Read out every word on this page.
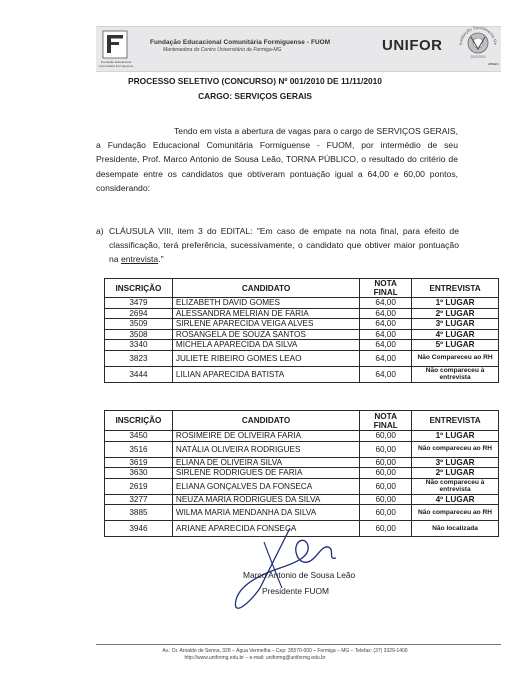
Fundação Educacional Comunitária Formiguense
Fundação Educacional Comunitária Formiguense - FUOM
Mantenedora do Centro Universitário de Formiga-MG	UNIFOR	Instituição Socialmente Re
2007/2010
ABMES
PROCESSO SELETIVO (CONCURSO) Nº 001/2010 DE 11/11/2010
CARGO: SERVIÇOS GERAIS
Tendo em vista a abertura de vagas para o cargo de SERVIÇOS GERAIS, a Fundação Educacional Comunitária Formiguense - FUOM, por intermédio de seu Presidente, Prof. Marco Antonio de Sousa Leão, TORNA PÚBLICO, o resultado do critério de desempate entre os candidatos que obtiveram pontuação igual a 64,00 e 60,00 pontos, considerando:
a) CLÁUSULA VIII, item 3 do EDITAL: "Em caso de empate na nota final, para efeito de classificação, terá preferência, sucessivamente, o candidato que obtiver maior pontuação na entrevista."
INSCRIÇÃO	CANDIDATO	NOTA FINAL	ENTREVISTA
3479	ELIZABETH DAVID GOMES	64,00	1º LUGAR
2694	ALESSANDRA MELRIAN DE FARIA	64,00	2º LUGAR
3509	SIRLENE APARECIDA VEIGA ALVES	64,00	3º LUGAR
3508	ROSANGELA DE SOUZA SANTOS	64,00	4º LUGAR
3340	MICHELA APARECIDA DA SILVA	64,00	5º LUGAR
3823	JULIETE RIBEIRO GOMES LEAO	64,00	Não Compareceu ao RH
3444	LILIAN APARECIDA BATISTA	64,00	Não compareceu à entrevista
INSCRIÇÃO	CANDIDATO	NOTA FINAL	ENTREVISTA
3450	ROSIMEIRE DE OLIVEIRA FARIA	60,00	1º LUGAR
3516	NATÁLIA OLIVEIRA RODRIGUES	60,00	Não compareceu ao RH
3619	ELIANA DE OLIVEIRA SILVA	60,00	3º LUGAR
3630	SIRLENE RODRIGUES DE FARIA	60,00	2º LUGAR
2619	ELIANA GONÇALVES DA FONSECA	60,00	Não compareceu à entrevista
3277	NEUZA MARIA RODRIGUES DA SILVA	60,00	4º LUGAR
3885	WILMA MARIA MENDANHA DA SILVA	60,00	Não compareceu ao RH
3946	ARIANE APARECIDA FONSECA	60,00	Não localizada
Marco Antonio de Sousa Leão
Presidente FUOM
Av.: Dr. Arnaldo de Senna, 328 – Água Vermelha – Cep: 35570-000 – Formiga – MG – Telefax: (37) 3329-1400
http://www.uniformg.edu.br – e-mail: uniformg@uniformg.edu.br
